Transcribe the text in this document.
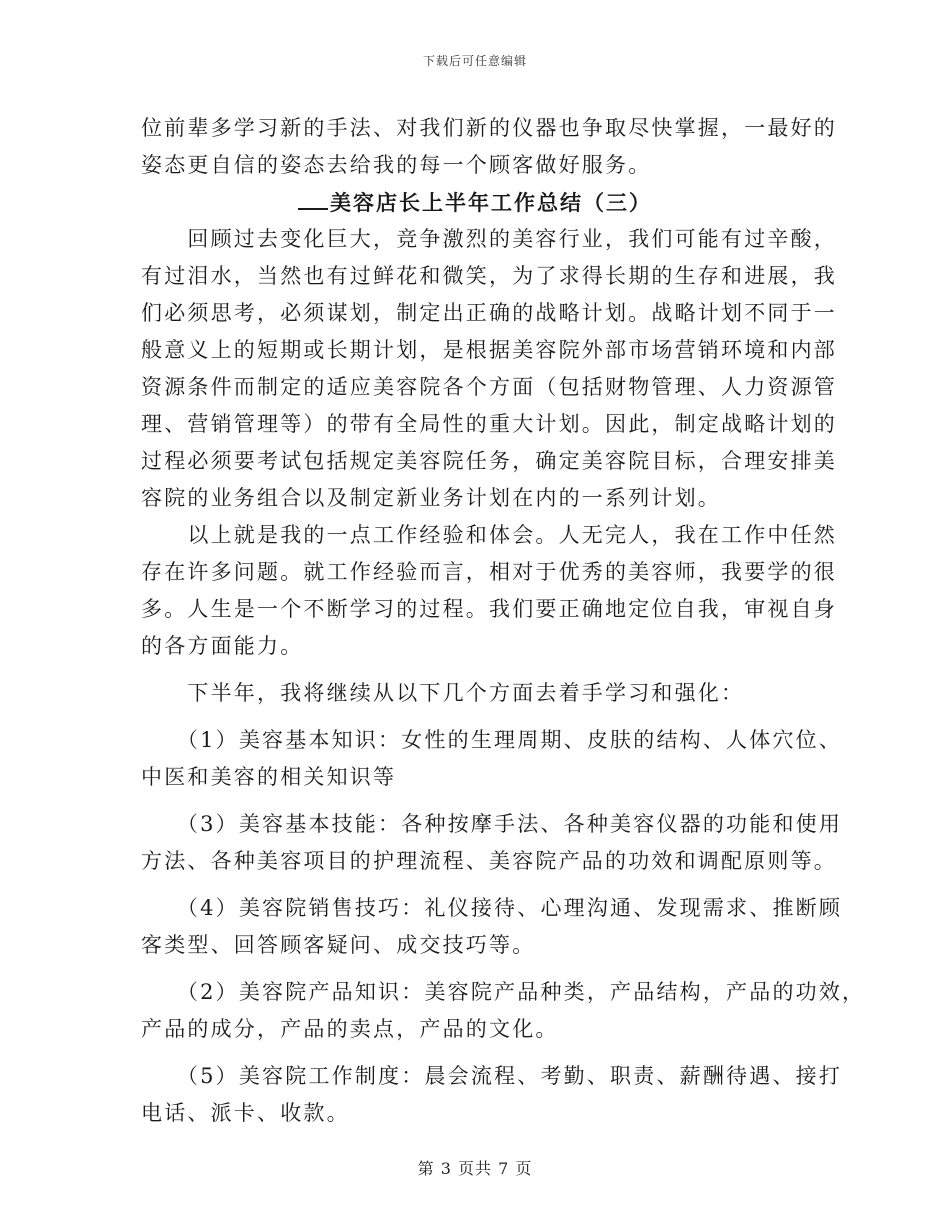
下载后可任意编辑
位前辈多学习新的手法、对我们新的仪器也争取尽快掌握，一最好的
姿态更自信的姿态去给我的每一个顾客做好服务。
美容店长上半年工作总结（三）
　　回顾过去变化巨大，竞争激烈的美容行业，我们可能有过辛酸，
有过泪水，当然也有过鲜花和微笑，为了求得长期的生存和进展，我
们必须思考，必须谋划，制定出正确的战略计划。战略计划不同于一
般意义上的短期或长期计划，是根据美容院外部市场营销环境和内部
资源条件而制定的适应美容院各个方面（包括财物管理、人力资源管
理、营销管理等）的带有全局性的重大计划。因此，制定战略计划的
过程必须要考试包括规定美容院任务，确定美容院目标，合理安排美
容院的业务组合以及制定新业务计划在内的一系列计划。
　　以上就是我的一点工作经验和体会。人无完人，我在工作中任然
存在许多问题。就工作经验而言，相对于优秀的美容师，我要学的很
多。人生是一个不断学习的过程。我们要正确地定位自我，审视自身
的各方面能力。
　　下半年，我将继续从以下几个方面去着手学习和强化：
　　（1）美容基本知识：女性的生理周期、皮肤的结构、人体穴位、
中医和美容的相关知识等
　　（3）美容基本技能：各种按摩手法、各种美容仪器的功能和使用
方法、各种美容项目的护理流程、美容院产品的功效和调配原则等。
　　（4）美容院销售技巧：礼仪接待、心理沟通、发现需求、推断顾
客类型、回答顾客疑问、成交技巧等。
　　（2）美容院产品知识：美容院产品种类，产品结构，产品的功效，
产品的成分，产品的卖点，产品的文化。
　　（5）美容院工作制度：晨会流程、考勤、职责、薪酬待遇、接打
电话、派卡、收款。
第 3 页共 7 页
